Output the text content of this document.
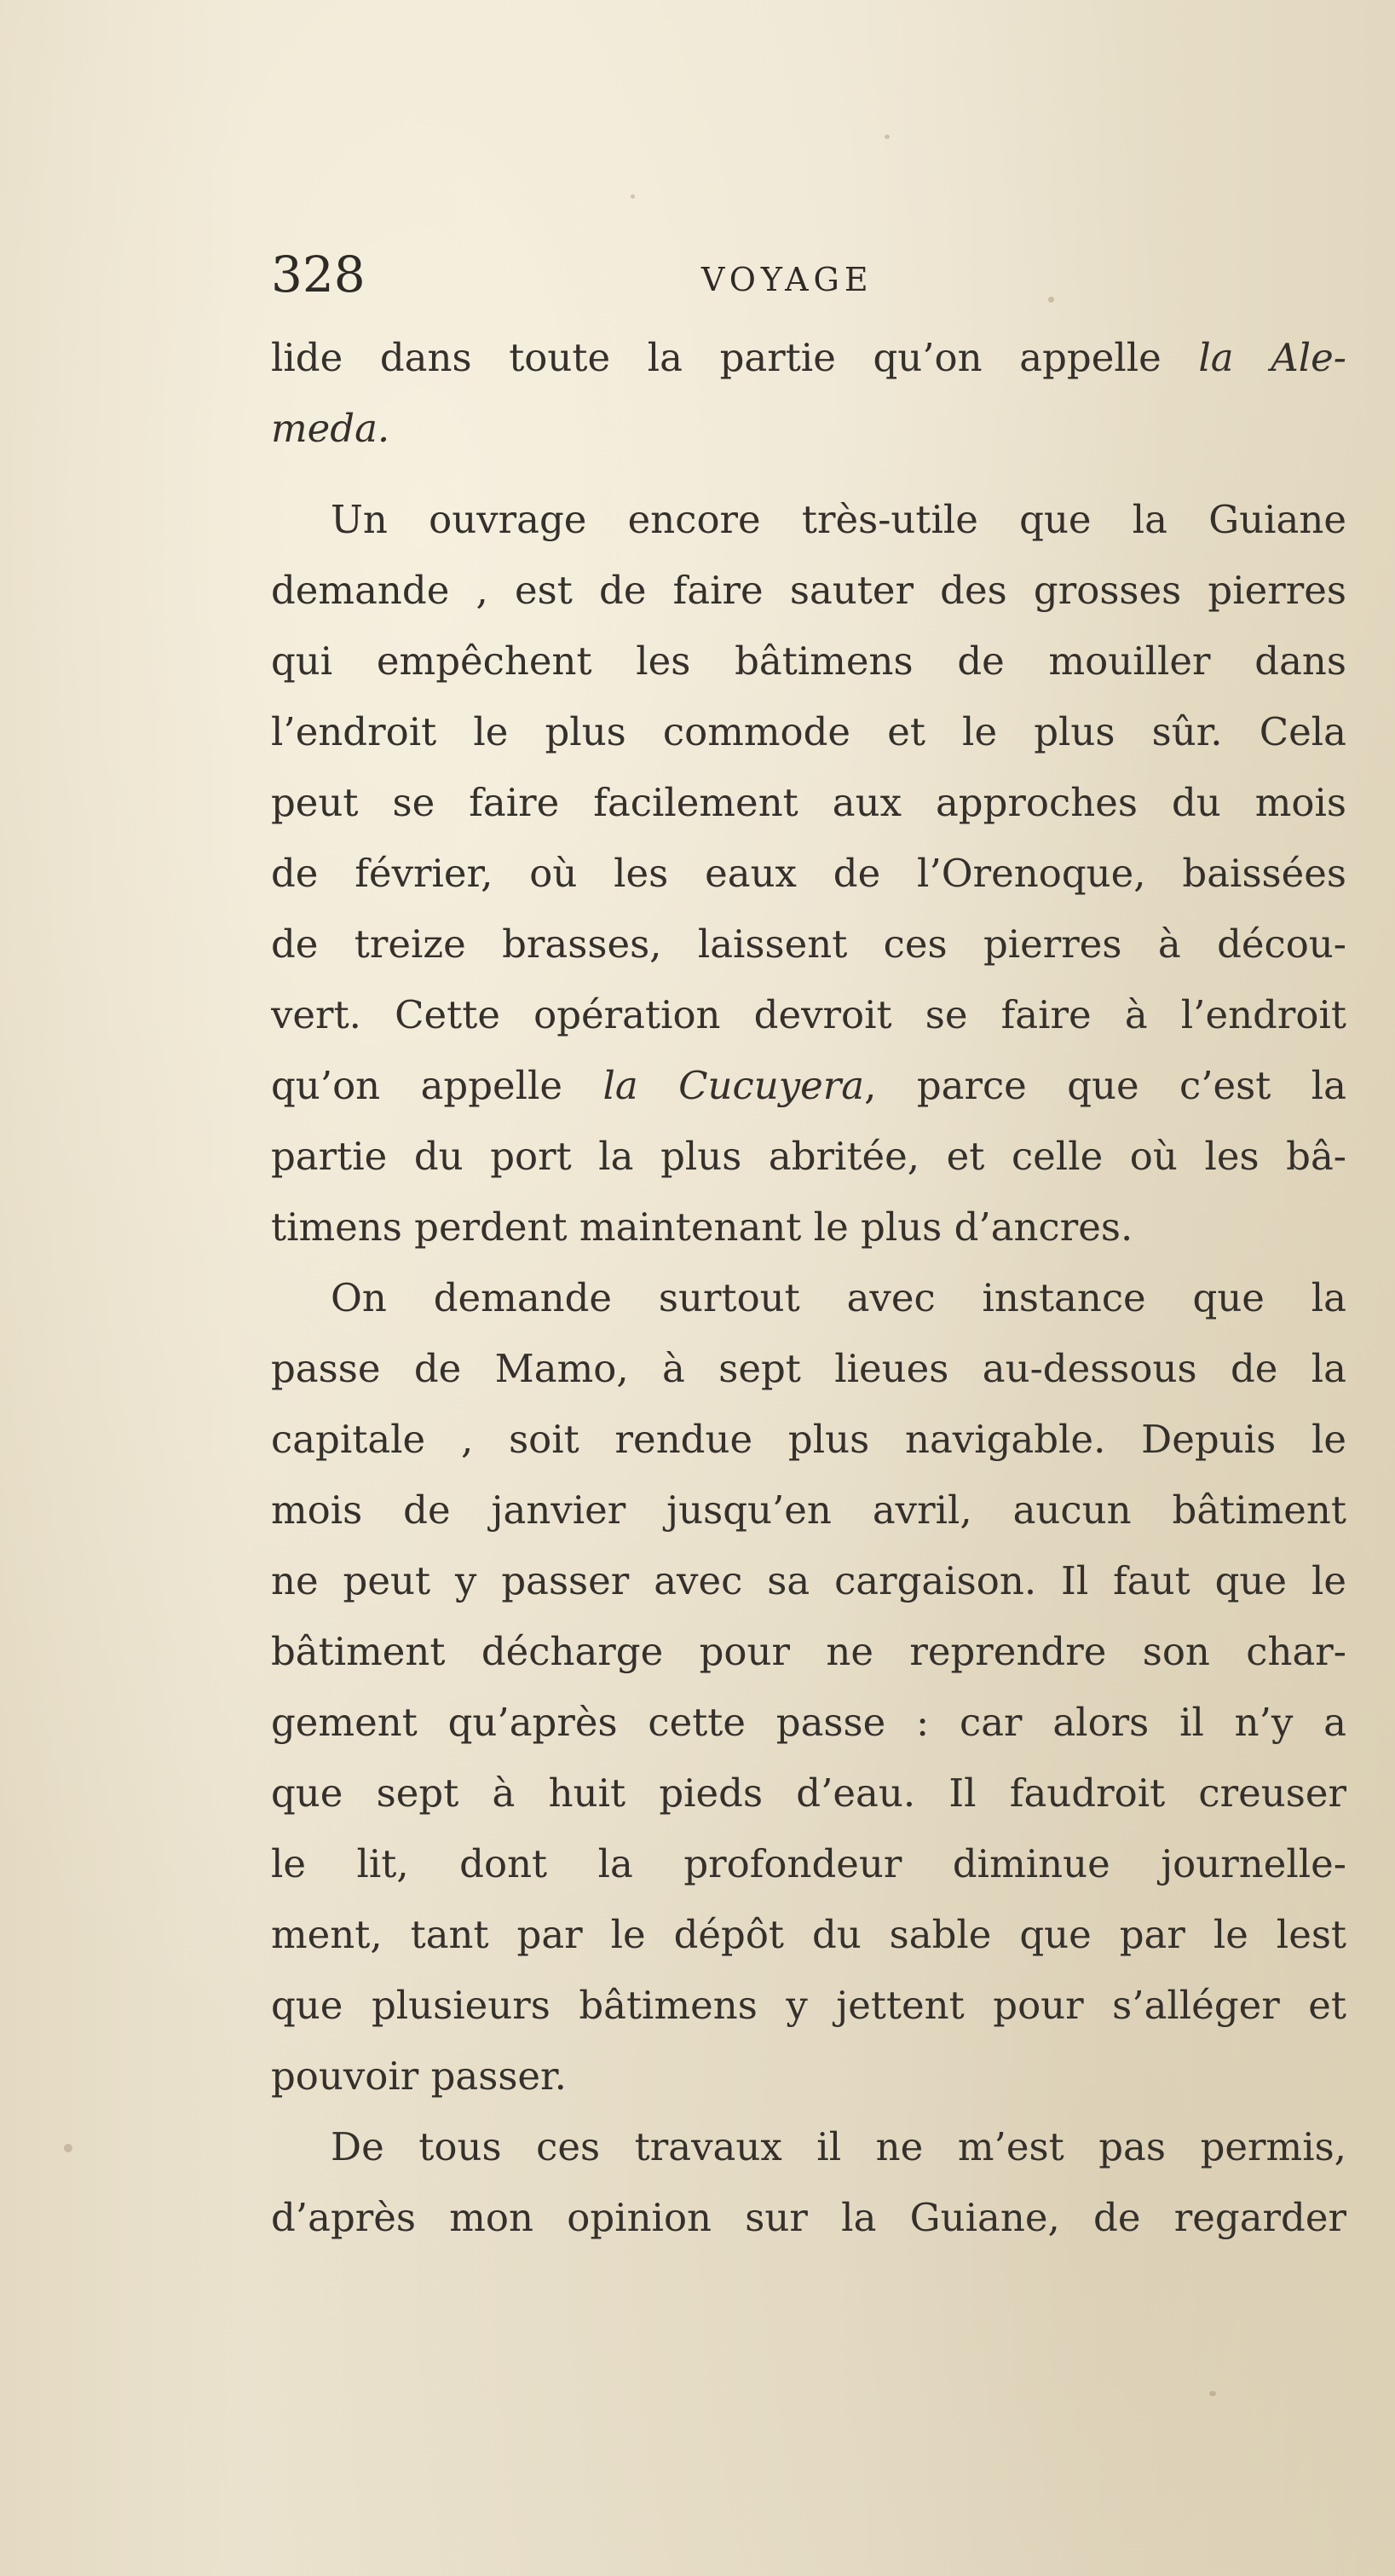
328	VOYAGE
lide dans toute la partie qu’on appelle la Ale-
meda.
Un ouvrage encore très-utile que la Guiane
demande , est de faire sauter des grosses pierres
qui empêchent les bâtimens de mouiller dans
l’endroit le plus commode et le plus sûr. Cela
peut se faire facilement aux approches du mois
de février, où les eaux de l’Orenoque, baissées
de treize brasses, laissent ces pierres à décou-
vert. Cette opération devroit se faire à l’endroit
qu’on appelle la Cucuyera, parce que c’est la
partie du port la plus abritée, et celle où les bâ-
timens perdent maintenant le plus d’ancres.
On demande surtout avec instance que la
passe de Mamo, à sept lieues au-dessous de la
capitale , soit rendue plus navigable. Depuis le
mois de janvier jusqu’en avril, aucun bâtiment
ne peut y passer avec sa cargaison. Il faut que le
bâtiment décharge pour ne reprendre son char-
gement qu’après cette passe : car alors il n’y a
que sept à huit pieds d’eau. Il faudroit creuser
le lit, dont la profondeur diminue journelle-
ment, tant par le dépôt du sable que par le lest
que plusieurs bâtimens y jettent pour s’alléger et
pouvoir passer.
De tous ces travaux il ne m’est pas permis,
d’après mon opinion sur la Guiane, de regarder
